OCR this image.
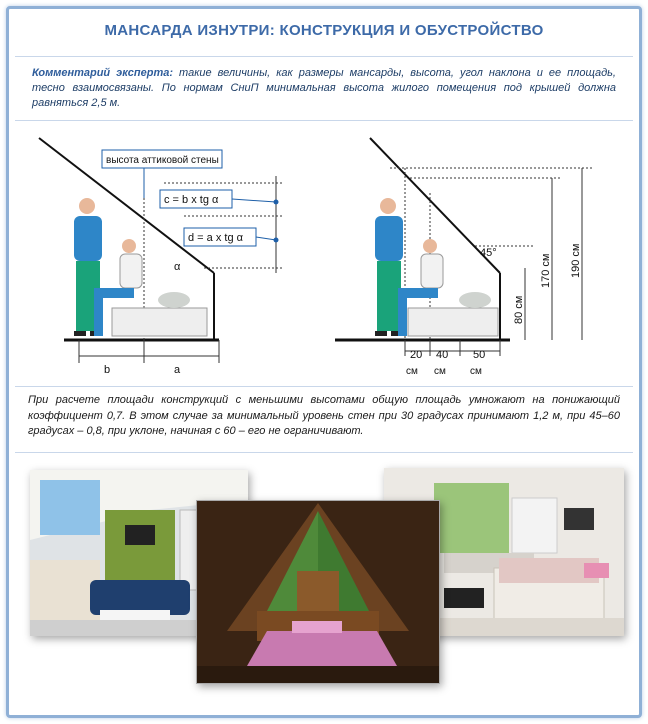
МАНСАРДА ИЗНУТРИ: КОНСТРУКЦИЯ И ОБУСТРОЙСТВО
Комментарий эксперта: такие величины, как размеры мансарды, высота, угол наклона и ее площадь, тесно взаимосвязаны. По нормам СниП минимальная высота жилого помещения под крышей должна равняться 2,5 м.
высота аттиковой стены
c = b x tg α
d = a x tg α
α
b	a
45°
80 см
170 см 190 см
20 40 50
см см см
При расчете площади конструкций с меньшими высотами общую площадь умножают на понижающий коэффициент 0,7. В этом случае за минимальный уровень стен при 30 градусах принимают 1,2 м, при 45–60 градусах – 0,8, при уклоне, начиная с 60 – его не ограничивают.
